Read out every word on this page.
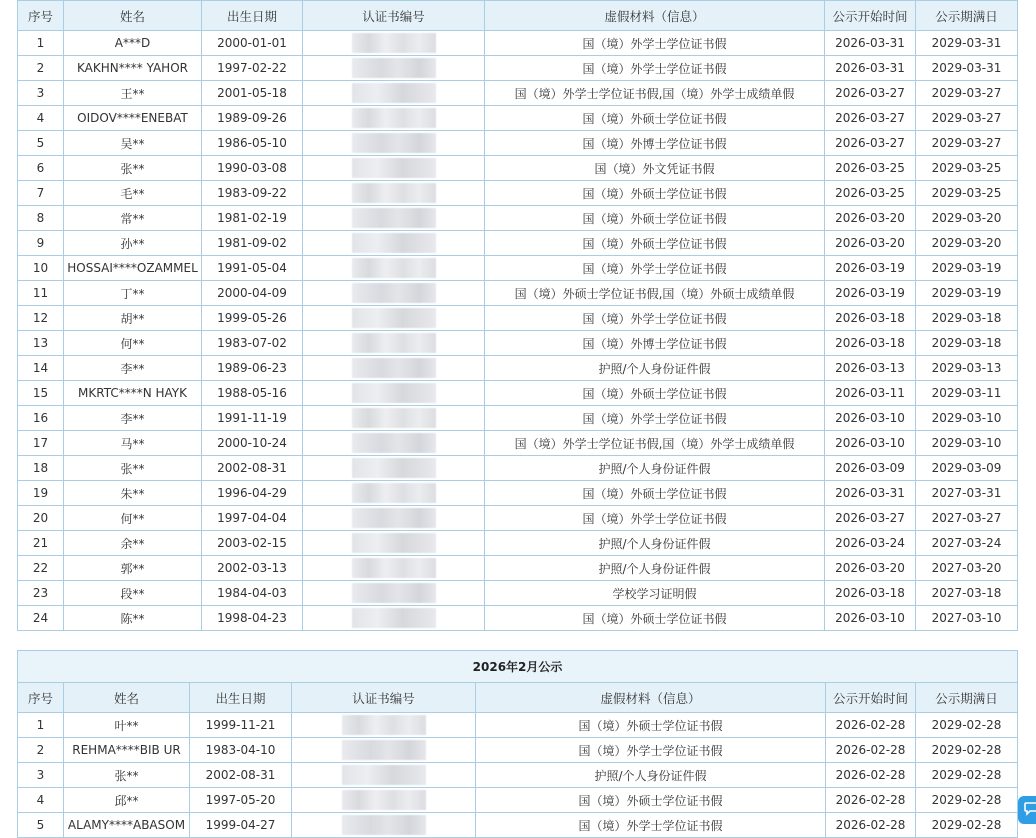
序号	姓名	出生日期	认证书编号	虚假材料（信息）	公示开始时间	公示期满日
1	A***D	2000-01-01		国（境）外学士学位证书假	2026-03-31	2029-03-31
2	KAKHN**** YAHOR	1997-02-22		国（境）外学士学位证书假	2026-03-31	2029-03-31
3	王**	2001-05-18		国（境）外学士学位证书假,国（境）外学士成绩单假	2026-03-27	2029-03-27
4	OIDOV****ENEBAT	1989-09-26		国（境）外硕士学位证书假	2026-03-27	2029-03-27
5	吴**	1986-05-10		国（境）外博士学位证书假	2026-03-27	2029-03-27
6	张**	1990-03-08		国（境）外文凭证书假	2026-03-25	2029-03-25
7	毛**	1983-09-22		国（境）外硕士学位证书假	2026-03-25	2029-03-25
8	常**	1981-02-19		国（境）外硕士学位证书假	2026-03-20	2029-03-20
9	孙**	1981-09-02		国（境）外硕士学位证书假	2026-03-20	2029-03-20
10	HOSSAI****OZAMMEL	1991-05-04		国（境）外学士学位证书假	2026-03-19	2029-03-19
11	丁**	2000-04-09		国（境）外硕士学位证书假,国（境）外硕士成绩单假	2026-03-19	2029-03-19
12	胡**	1999-05-26		国（境）外学士学位证书假	2026-03-18	2029-03-18
13	何**	1983-07-02		国（境）外博士学位证书假	2026-03-18	2029-03-18
14	李**	1989-06-23		护照/个人身份证件假	2026-03-13	2029-03-13
15	MKRTC****N HAYK	1988-05-16		国（境）外硕士学位证书假	2026-03-11	2029-03-11
16	李**	1991-11-19		国（境）外学士学位证书假	2026-03-10	2029-03-10
17	马**	2000-10-24		国（境）外学士学位证书假,国（境）外学士成绩单假	2026-03-10	2029-03-10
18	张**	2002-08-31		护照/个人身份证件假	2026-03-09	2029-03-09
19	朱**	1996-04-29		国（境）外硕士学位证书假	2026-03-31	2027-03-31
20	何**	1997-04-04		国（境）外学士学位证书假	2026-03-27	2027-03-27
21	余**	2003-02-15		护照/个人身份证件假	2026-03-24	2027-03-24
22	郭**	2002-03-13		护照/个人身份证件假	2026-03-20	2027-03-20
23	段**	1984-04-03		学校学习证明假	2026-03-18	2027-03-18
24	陈**	1998-04-23		国（境）外硕士学位证书假	2026-03-10	2027-03-10
2026年2月公示						
序号	姓名	出生日期	认证书编号	虚假材料（信息）	公示开始时间	公示期满日
1	叶**	1999-11-21		国（境）外硕士学位证书假	2026-02-28	2029-02-28
2	REHMA****BIB UR	1983-04-10		国（境）外学士学位证书假	2026-02-28	2029-02-28
3	张**	2002-08-31		护照/个人身份证件假	2026-02-28	2029-02-28
4	邱**	1997-05-20		国（境）外硕士学位证书假	2026-02-28	2029-02-28
5	ALAMY****ABASOM	1999-04-27		国（境）外学士学位证书假	2026-02-28	2029-02-28
